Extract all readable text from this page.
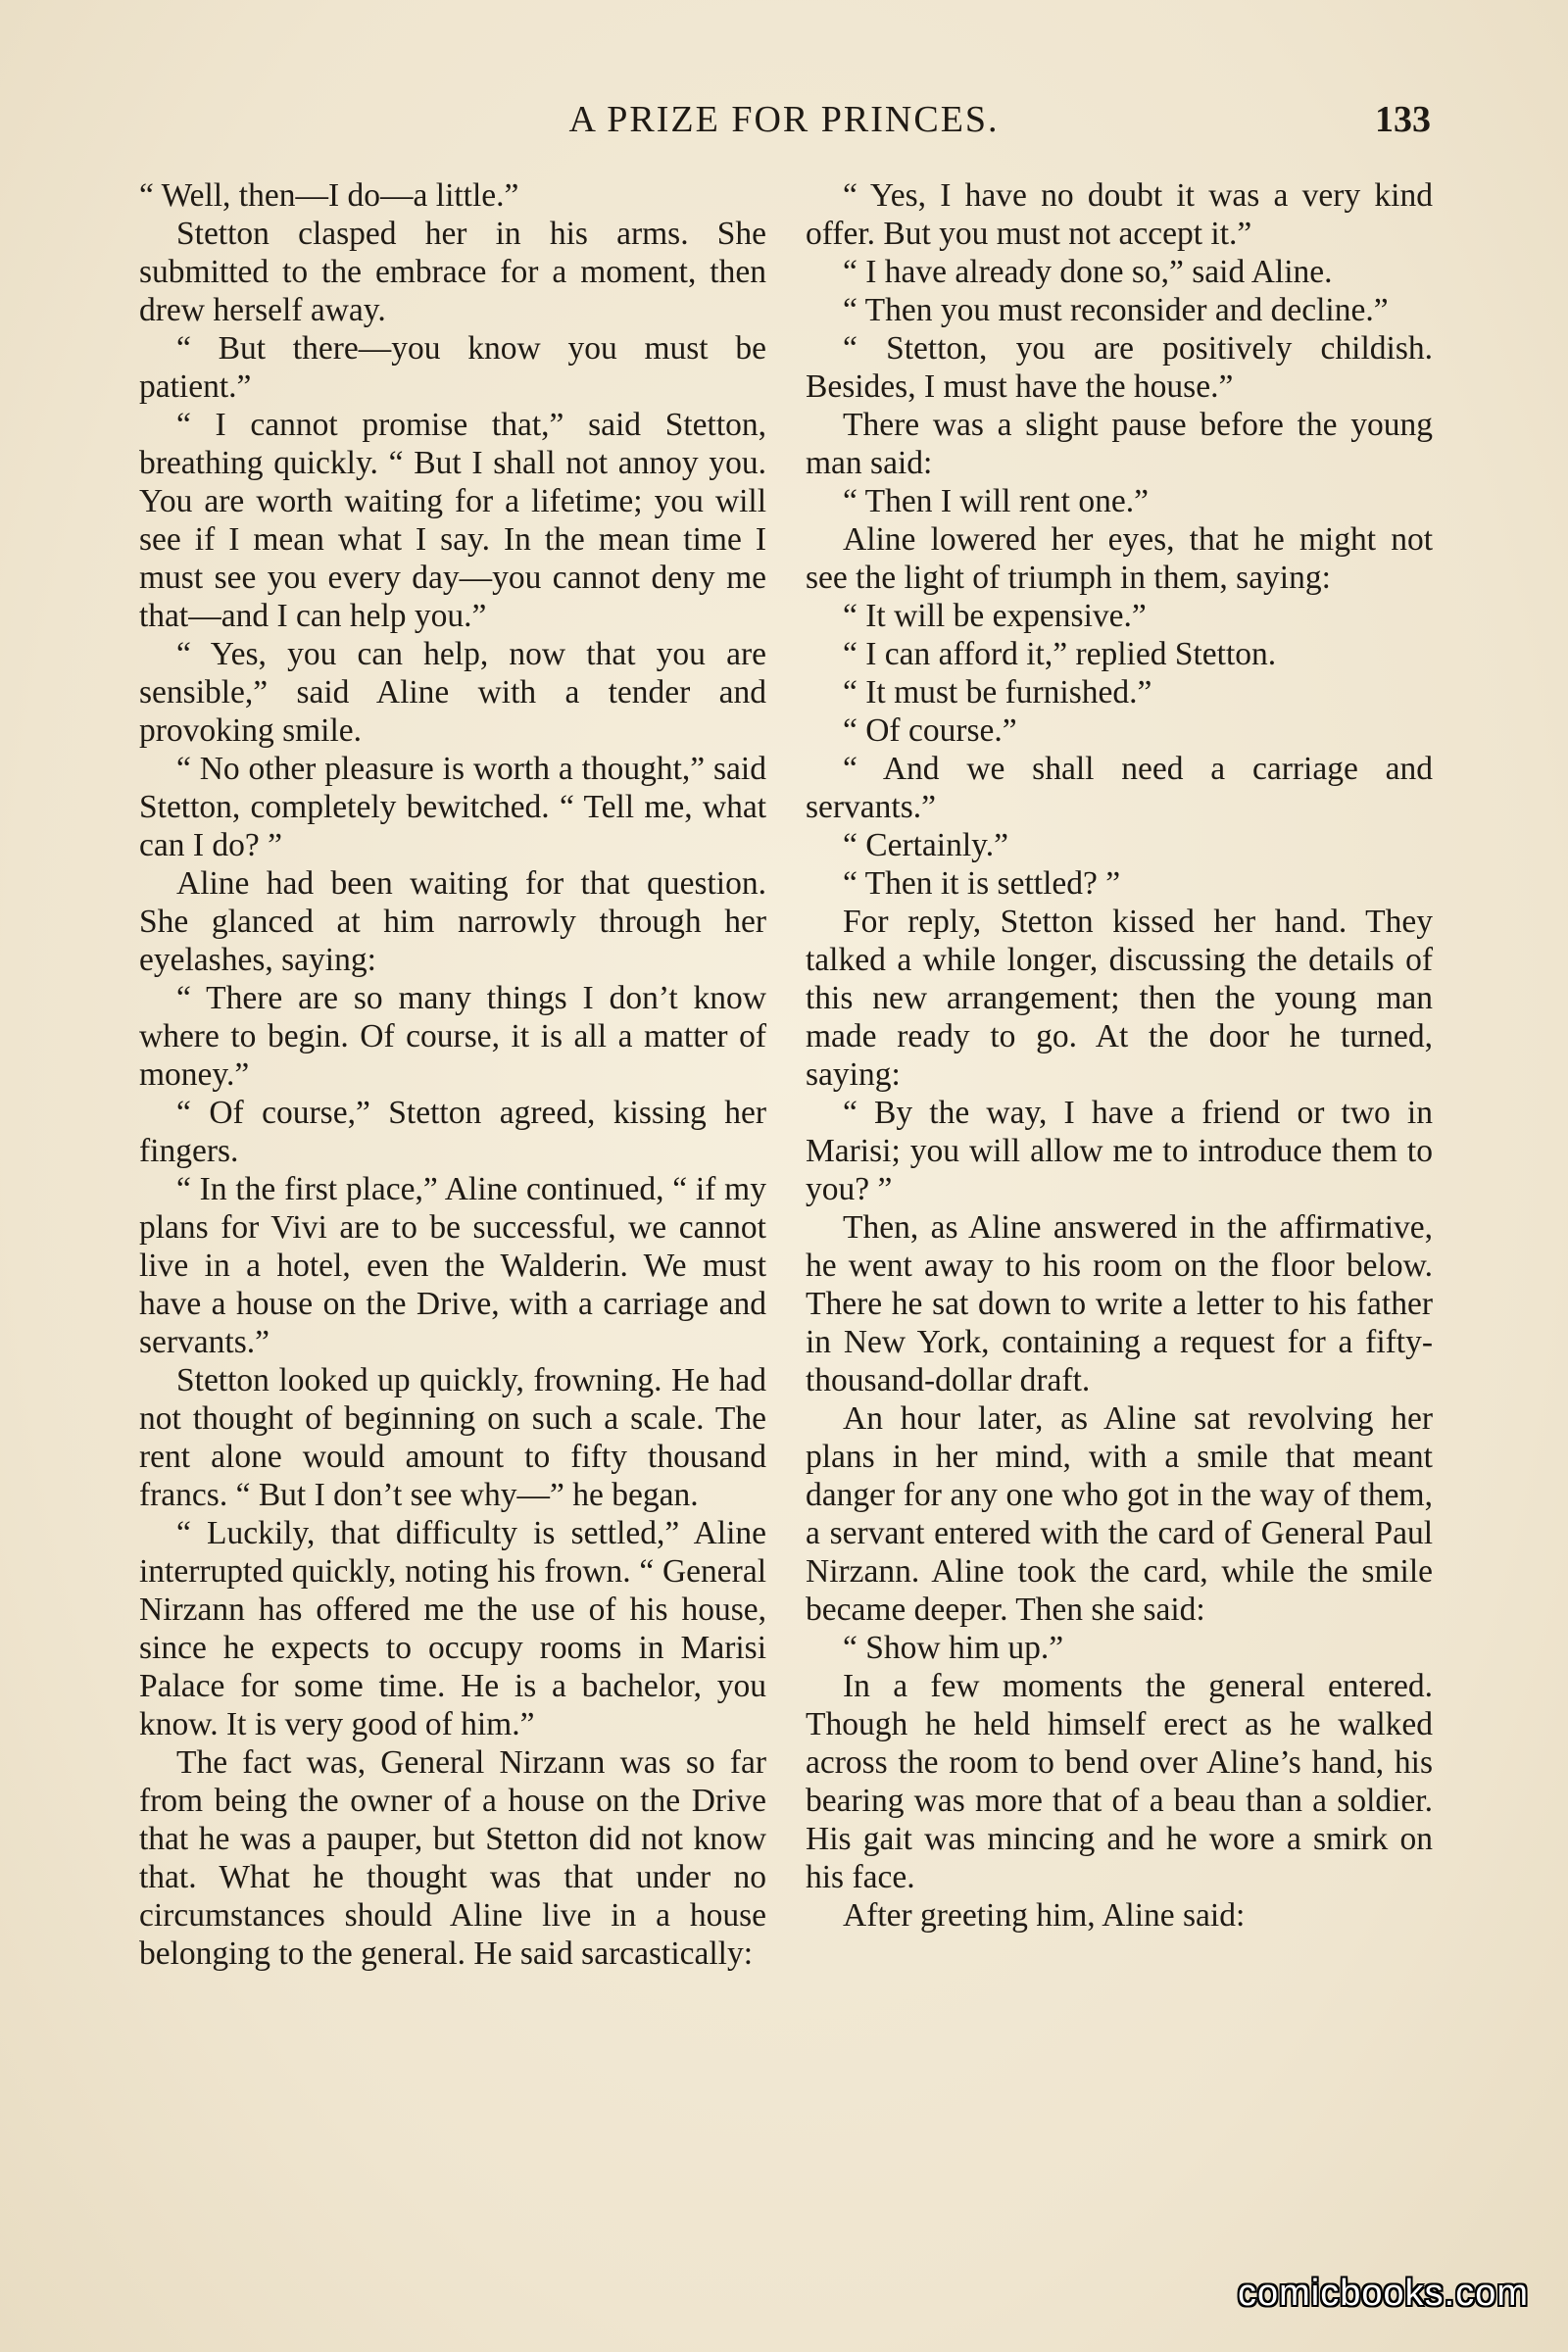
A PRIZE FOR PRINCES.	133

“ Well, then—I do—a little.”

Stetton clasped her in his arms. She submitted to the embrace for a moment, then drew herself away.

“ But there—you know you must be patient.”

“ I cannot promise that,” said Stetton, breathing quickly. “ But I shall not annoy you. You are worth waiting for a lifetime; you will see if I mean what I say. In the mean time I must see you every day—you cannot deny me that—and I can help you.”

“ Yes, you can help, now that you are sensible,” said Aline with a tender and provoking smile.

“ No other pleasure is worth a thought,” said Stetton, completely bewitched. “ Tell me, what can I do? ”

Aline had been waiting for that question. She glanced at him narrowly through her eyelashes, saying:

“ There are so many things I don’t know where to begin. Of course, it is all a matter of money.”

“ Of course,” Stetton agreed, kissing her fingers.

“ In the first place,” Aline continued, “ if my plans for Vivi are to be successful, we cannot live in a hotel, even the Walderin. We must have a house on the Drive, with a carriage and servants.”

Stetton looked up quickly, frowning. He had not thought of beginning on such a scale. The rent alone would amount to fifty thousand francs. “ But I don’t see why—” he began.

“ Luckily, that difficulty is settled,” Aline interrupted quickly, noting his frown. “ General Nirzann has offered me the use of his house, since he expects to occupy rooms in Marisi Palace for some time. He is a bachelor, you know. It is very good of him.”

The fact was, General Nirzann was so far from being the owner of a house on the Drive that he was a pauper, but Stetton did not know that. What he thought was that under no circumstances should Aline live in a house belonging to the general. He said sarcastically:

“ Yes, I have no doubt it was a very kind offer. But you must not accept it.”

“ I have already done so,” said Aline.

“ Then you must reconsider and decline.”

“ Stetton, you are positively childish. Besides, I must have the house.”

There was a slight pause before the young man said:

“ Then I will rent one.”

Aline lowered her eyes, that he might not see the light of triumph in them, saying:

“ It will be expensive.”

“ I can afford it,” replied Stetton.

“ It must be furnished.”

“ Of course.”

“ And we shall need a carriage and servants.”

“ Certainly.”

“ Then it is settled? ”

For reply, Stetton kissed her hand. They talked a while longer, discussing the details of this new arrangement; then the young man made ready to go. At the door he turned, saying:

“ By the way, I have a friend or two in Marisi; you will allow me to introduce them to you? ”

Then, as Aline answered in the affirmative, he went away to his room on the floor below. There he sat down to write a letter to his father in New York, containing a request for a fifty-thousand-dollar draft.

An hour later, as Aline sat revolving her plans in her mind, with a smile that meant danger for any one who got in the way of them, a servant entered with the card of General Paul Nirzann. Aline took the card, while the smile became deeper. Then she said:

“ Show him up.”

In a few moments the general entered. Though he held himself erect as he walked across the room to bend over Aline’s hand, his bearing was more that of a beau than a soldier. His gait was mincing and he wore a smirk on his face.

After greeting him, Aline said:

comicbooks.com
